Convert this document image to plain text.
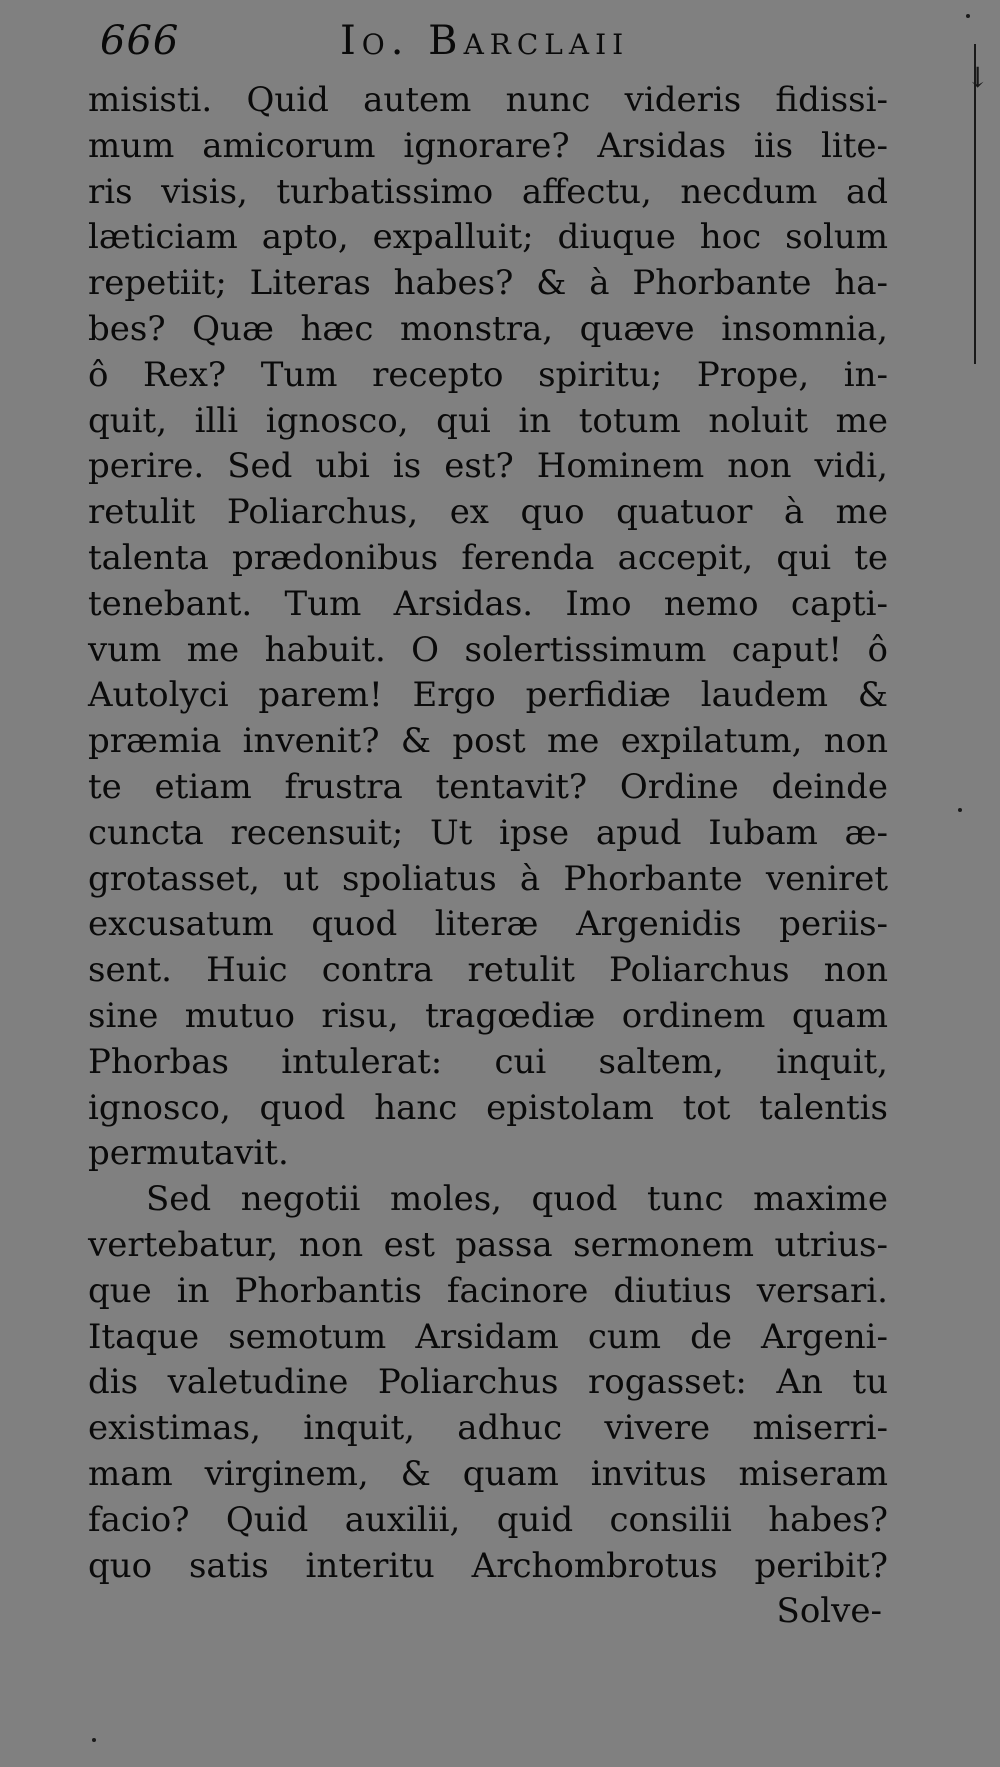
666	Io. Barclaii
↓
misisti. Quid autem nunc videris fidissi-
mum amicorum ignorare? Arsidas iis lite-
ris visis, turbatissimo affectu, necdum ad
læticiam apto, expalluit; diuque hoc solum
repetiit; Literas habes? & à Phorbante ha-
bes? Quæ hæc monstra, quæve insomnia,
ô Rex? Tum recepto spiritu; Prope, in-
quit, illi ignosco, qui in totum noluit me
perire. Sed ubi is est? Hominem non vidi,
retulit Poliarchus, ex quo quatuor à me
talenta prædonibus ferenda accepit, qui te
tenebant. Tum Arsidas. Imo nemo capti-
vum me habuit. O solertissimum caput! ô
Autolyci parem! Ergo perfidiæ laudem &
præmia invenit? & post me expilatum, non
te etiam frustra tentavit? Ordine deinde
cuncta recensuit; Ut ipse apud Iubam æ-
grotasset, ut spoliatus à Phorbante veniret
excusatum quod literæ Argenidis periis-
sent. Huic contra retulit Poliarchus non
sine mutuo risu, tragœdiæ ordinem quam
Phorbas intulerat: cui saltem, inquit,
ignosco, quod hanc epistolam tot talentis
permutavit.
Sed negotii moles, quod tunc maxime
vertebatur, non est passa sermonem utrius-
que in Phorbantis facinore diutius versari.
Itaque semotum Arsidam cum de Argeni-
dis valetudine Poliarchus rogasset: An tu
existimas, inquit, adhuc vivere miserri-
mam virginem, & quam invitus miseram
facio? Quid auxilii, quid consilii habes?
quo satis interitu Archombrotus peribit?
Solve-
